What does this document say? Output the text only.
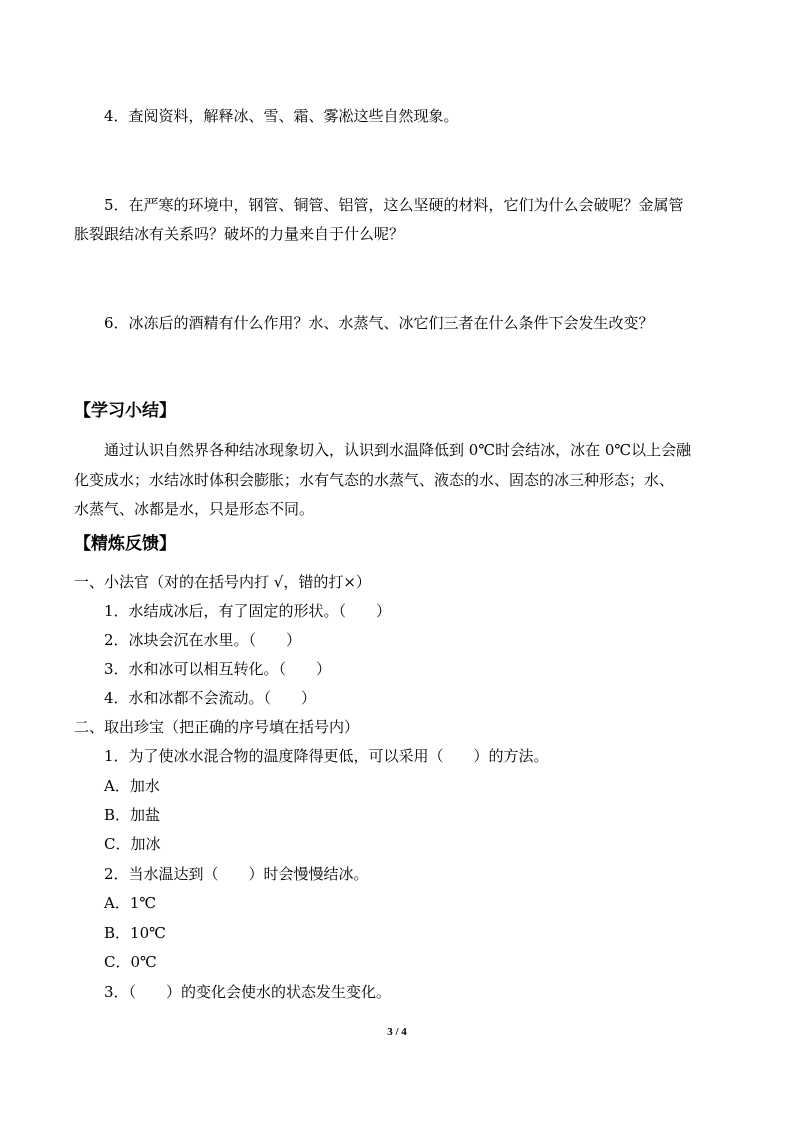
4．查阅资料，解释冰、雪、霜、雾凇这些自然现象。
5．在严寒的环境中，钢管、铜管、铝管，这么坚硬的材料，它们为什么会破呢？金属管
胀裂跟结冰有关系吗？破坏的力量来自于什么呢？
6．冰冻后的酒精有什么作用？水、水蒸气、冰它们三者在什么条件下会发生改变？
【学习小结】
通过认识自然界各种结冰现象切入，认识到水温降低到 0℃时会结冰，冰在 0℃以上会融
化变成水；水结冰时体积会膨胀；水有气态的水蒸气、液态的水、固态的冰三种形态；水、
水蒸气、冰都是水，只是形态不同。
【精炼反馈】
一、小法官（对的在括号内打 √，错的打×）
1．水结成冰后，有了固定的形状。（　　）
2．冰块会沉在水里。（　　）
3．水和冰可以相互转化。（　　）
4．水和冰都不会流动。（　　）
二、取出珍宝（把正确的序号填在括号内）
1．为了使冰水混合物的温度降得更低，可以采用（　　）的方法。
A．加水
B．加盐
C．加冰
2．当水温达到（　　）时会慢慢结冰。
A．1℃
B．10℃
C．0℃
3．（　　）的变化会使水的状态发生变化。
3 / 4
